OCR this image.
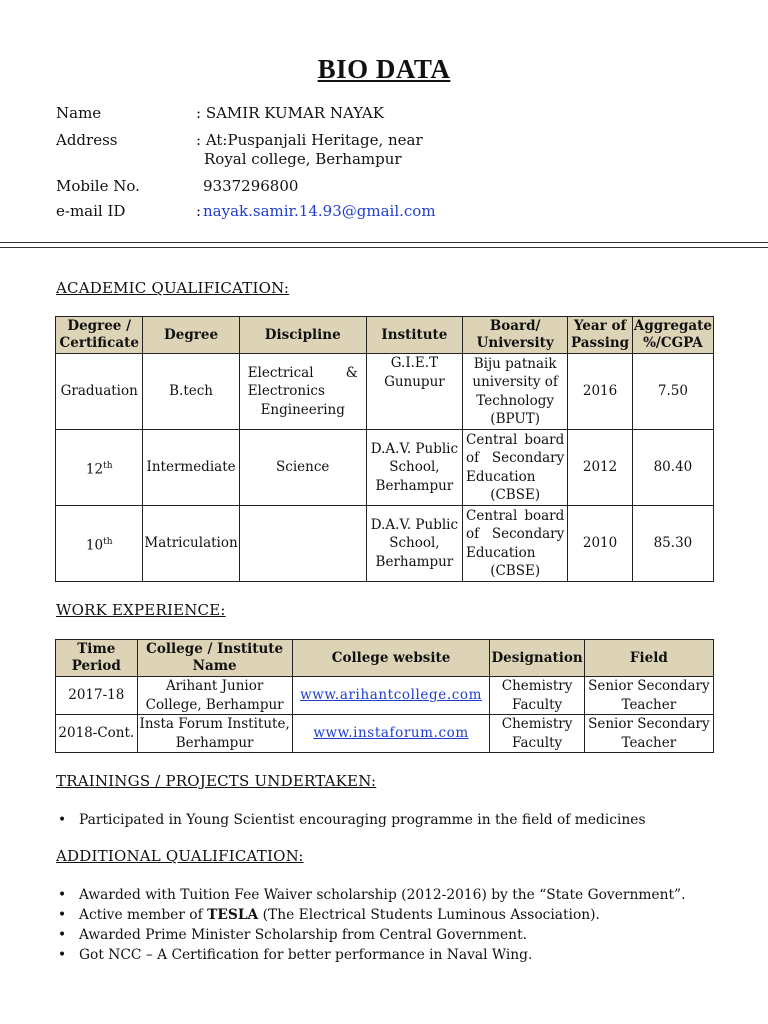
BIO DATA
Name	: SAMIR KUMAR NAYAK
Address	: At:Puspanjali Heritage, near
Royal college, Berhampur
Mobile No.	9337296800
e-mail ID	: nayak.samir.14.93@gmail.com
ACADEMIC QUALIFICATION:
Degree / Certificate	Degree	Discipline	Institute	Board/ University	Year of Passing	Aggregate %/CGPA
Graduation	B.tech	Electrical & Electronics Engineering	G.I.E.T Gunupur	Biju patnaik university of Technology (BPUT)	2016	7.50
12th	Intermediate	Science	D.A.V. Public School, Berhampur	Central board of Secondary Education (CBSE)	2012	80.40
10th	Matriculation		D.A.V. Public School, Berhampur	Central board of Secondary Education (CBSE)	2010	85.30
WORK EXPERIENCE:
Time Period	College / Institute Name	College website	Designation	Field
2017-18	Arihant Junior College, Berhampur	www.arihantcollege.com	Chemistry Faculty	Senior Secondary Teacher
2018-Cont.	Insta Forum Institute, Berhampur	www.instaforum.com	Chemistry Faculty	Senior Secondary Teacher
TRAININGS / PROJECTS UNDERTAKEN:
• Participated in Young Scientist encouraging programme in the field of medicines
ADDITIONAL QUALIFICATION:
• Awarded with Tuition Fee Waiver scholarship (2012-2016) by the “State Government”.
• Active member of TESLA (The Electrical Students Luminous Association).
• Awarded Prime Minister Scholarship from Central Government.
• Got NCC – A Certification for better performance in Naval Wing.
